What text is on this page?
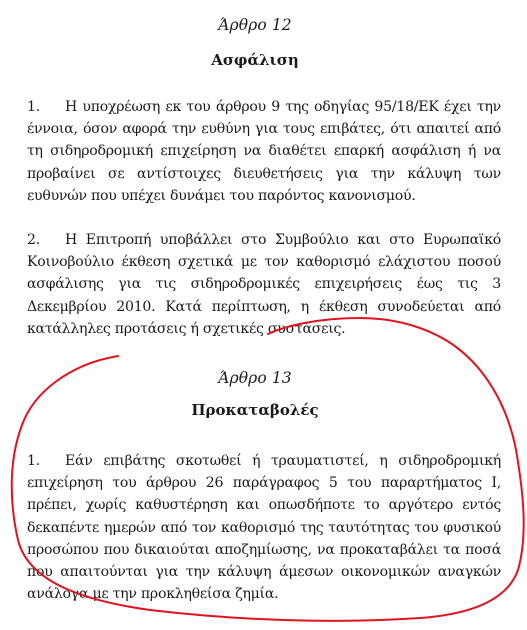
Άρθρο 12
Ασφάλιση

1. Η υποχρέωση εκ του άρθρου 9 της οδηγίας 95/18/ΕΚ έχει την έννοια, όσον αφορά την ευθύνη για τους επιβάτες, ότι απαιτεί από τη σιδηροδρομική επιχείρηση να διαθέτει επαρκή ασφάλιση ή να προβαίνει σε αντίστοιχες διευθετήσεις για την κάλυψη των ευθυνών που υπέχει δυνάμει του παρόντος κανονισμού.

2. Η Επιτροπή υποβάλλει στο Συμβούλιο και στο Ευρωπαϊκό Κοινοβούλιο έκθεση σχετικά με τον καθορισμό ελάχιστου ποσού ασφάλισης για τις σιδηροδρομικές επιχειρήσεις έως τις 3 Δεκεμβρίου 2010. Κατά περίπτωση, η έκθεση συνοδεύεται από κατάλληλες προτάσεις ή σχετικές συστάσεις.

Άρθρο 13
Προκαταβολές

1. Εάν επιβάτης σκοτωθεί ή τραυματιστεί, η σιδηροδρομική επιχείρηση του άρθρου 26 παράγραφος 5 του παραρτήματος Ι, πρέπει, χωρίς καθυστέρηση και οπωσδήποτε το αργότερο εντός δεκαπέντε ημερών από τον καθορισμό της ταυτότητας του φυσικού προσώπου που δικαιούται αποζημίωσης, να προκαταβάλει τα ποσά που απαιτούνται για την κάλυψη άμεσων οικονομικών αναγκών ανάλογα με την προκληθείσα ζημία.
